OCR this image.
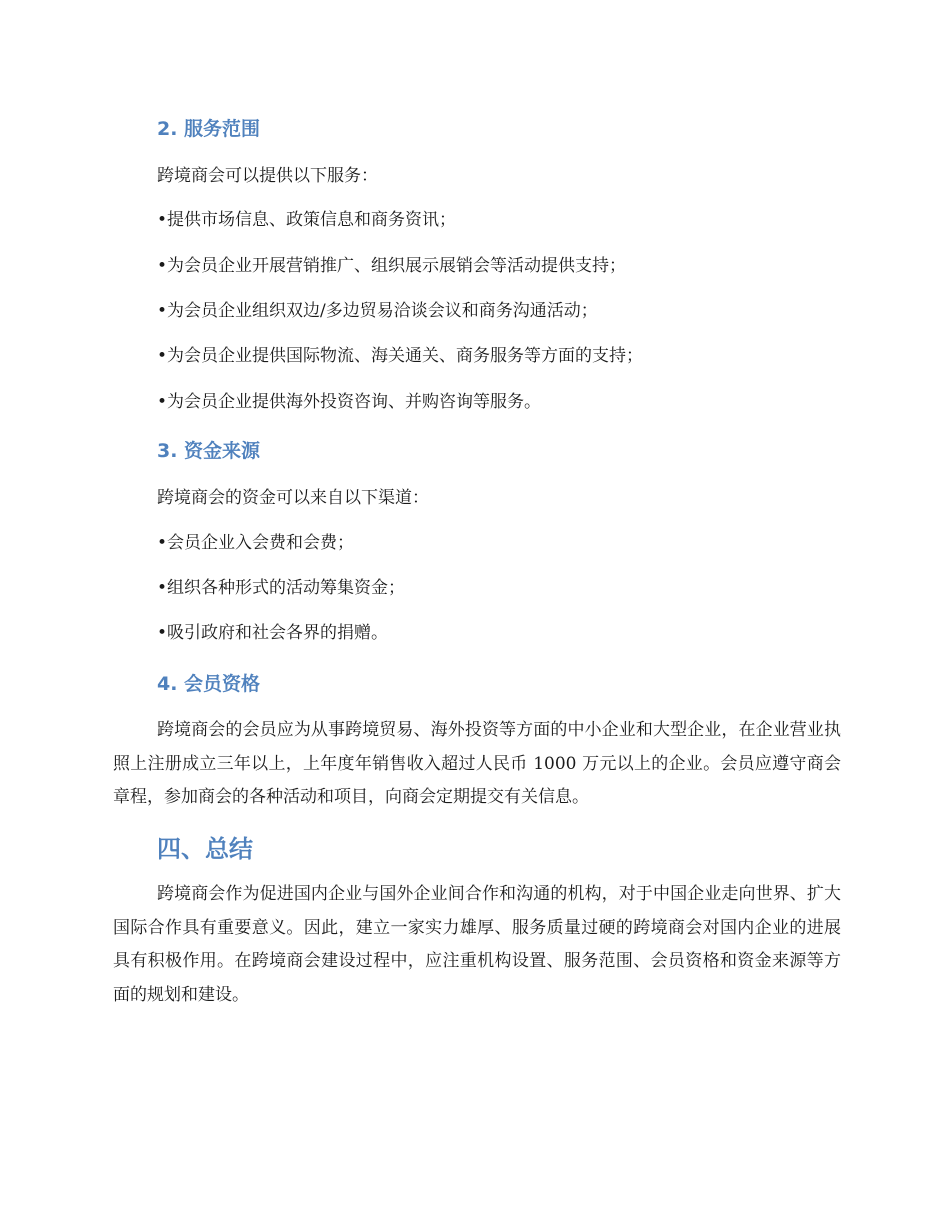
2. 服务范围

跨境商会可以提供以下服务：

•提供市场信息、政策信息和商务资讯；

•为会员企业开展营销推广、组织展示展销会等活动提供支持；

•为会员企业组织双边/多边贸易洽谈会议和商务沟通活动；

•为会员企业提供国际物流、海关通关、商务服务等方面的支持；

•为会员企业提供海外投资咨询、并购咨询等服务。

3. 资金来源

跨境商会的资金可以来自以下渠道：

•会员企业入会费和会费；

•组织各种形式的活动筹集资金；

•吸引政府和社会各界的捐赠。

4. 会员资格

跨境商会的会员应为从事跨境贸易、海外投资等方面的中小企业和大型企业，在企业营业执照上注册成立三年以上，上年度年销售收入超过人民币 1000 万元以上的企业。会员应遵守商会章程，参加商会的各种活动和项目，向商会定期提交有关信息。

四、总结

跨境商会作为促进国内企业与国外企业间合作和沟通的机构，对于中国企业走向世界、扩大国际合作具有重要意义。因此，建立一家实力雄厚、服务质量过硬的跨境商会对国内企业的进展具有积极作用。在跨境商会建设过程中，应注重机构设置、服务范围、会员资格和资金来源等方面的规划和建设。
